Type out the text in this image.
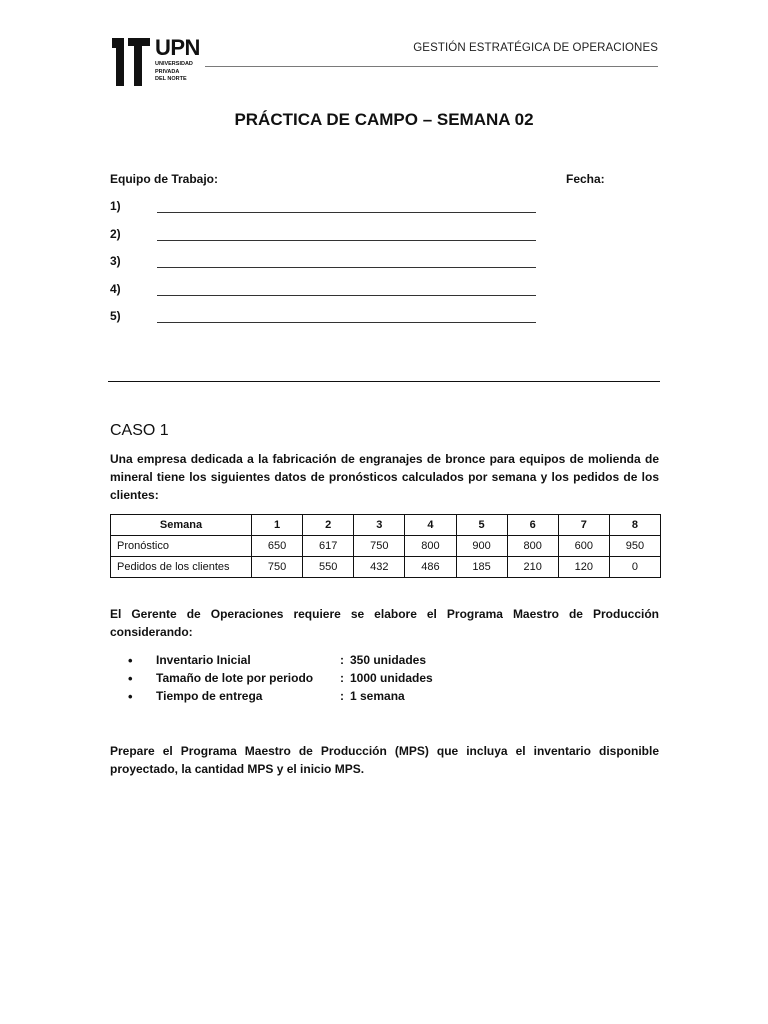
UPN
UNIVERSIDAD
PRIVADA
DEL NORTE
GESTIÓN ESTRATÉGICA DE OPERACIONES
PRÁCTICA DE CAMPO – SEMANA 02
Equipo de Trabajo:	Fecha:
1)
2)
3)
4)
5)
CASO 1
Una empresa dedicada a la fabricación de engranajes de bronce para equipos de molienda de mineral tiene los siguientes datos de pronósticos calculados por semana y los pedidos de los clientes:
Semana	1	2	3	4	5	6	7	8
Pronóstico	650	617	750	800	900	800	600	950
Pedidos de los clientes	750	550	432	486	185	210	120	0
El Gerente de Operaciones requiere se elabore el Programa Maestro de Producción considerando:
•	Inventario Inicial	: 350 unidades
•	Tamaño de lote por periodo	: 1000 unidades
•	Tiempo de entrega	: 1 semana
Prepare el Programa Maestro de Producción (MPS) que incluya el inventario disponible proyectado, la cantidad MPS y el inicio MPS.
